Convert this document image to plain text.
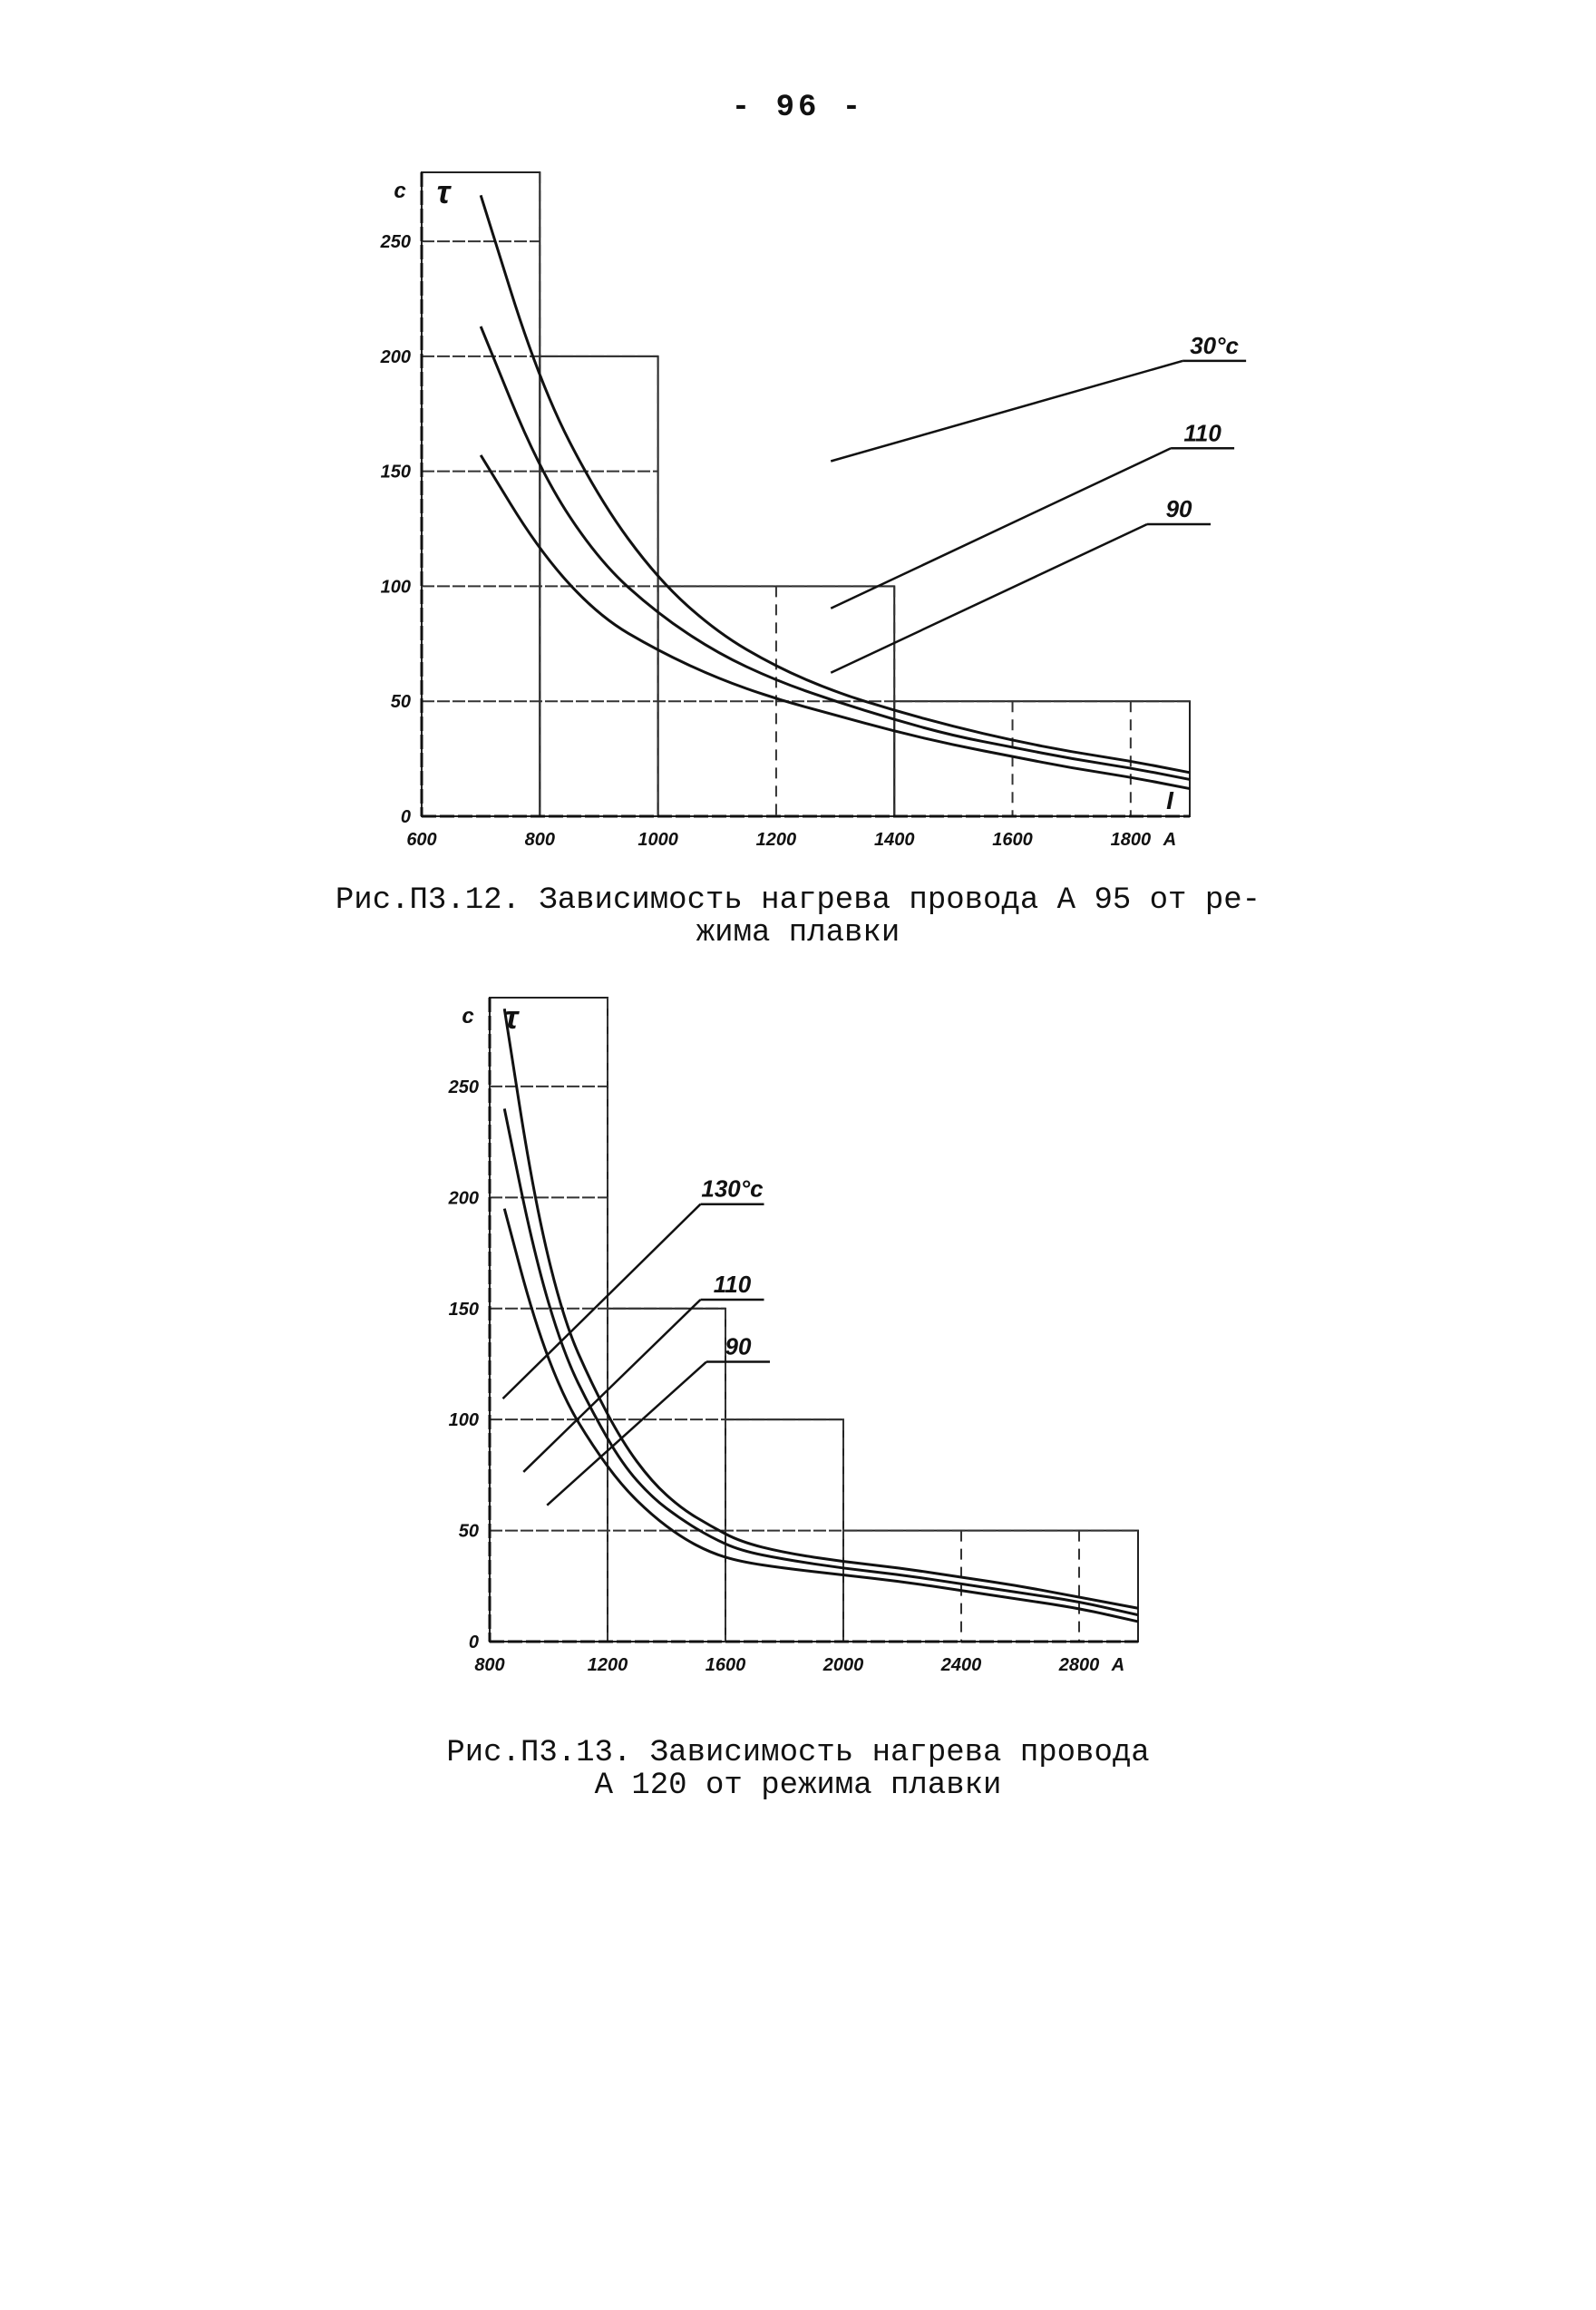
- 96 -
600	800	1000	1200	1400	1600	1800 A
0
50
100
150
200
250
c τ
I
30°c
110
90
Рис.П3.12. Зависимость нагрева провода А 95 от ре-
жима плавки
800	1200	1600	2000	2400	2800 A
0
50
100
150
200
250
c τ
130°c
110
90
Рис.П3.13. Зависимость нагрева провода
А 120 от режима плавки
